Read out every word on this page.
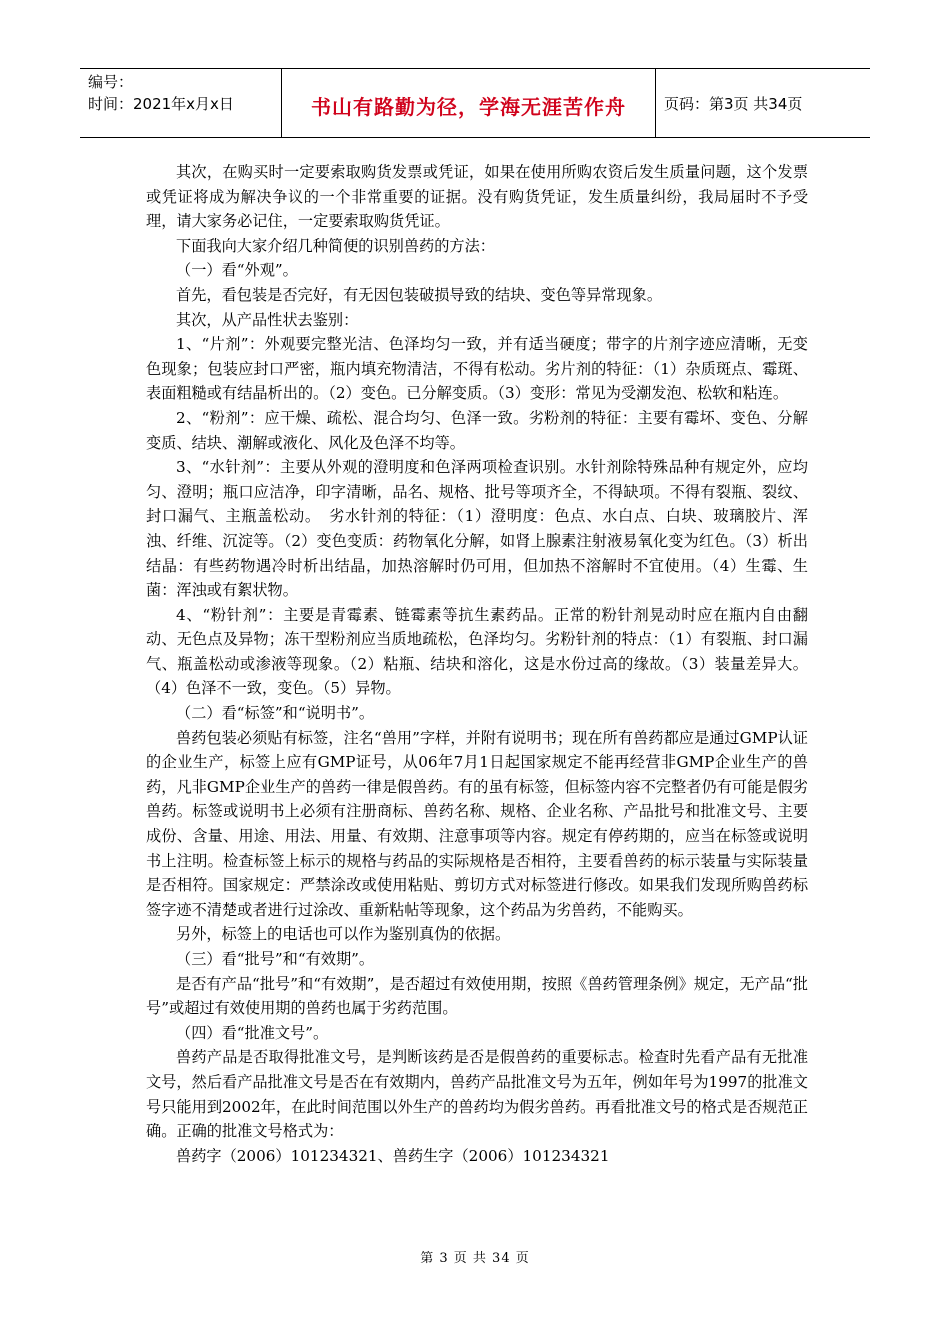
编号：
时间：2021年x月x日	书山有路勤为径，学海无涯苦作舟	页码：第3页 共34页

其次，在购买时一定要索取购货发票或凭证，如果在使用所购农资后发生质量问题，这个发票或凭证将成为解决争议的一个非常重要的证据。没有购货凭证，发生质量纠纷，我局届时不予受理，请大家务必记住，一定要索取购货凭证。

下面我向大家介绍几种简便的识别兽药的方法：

（一）看“外观”。

首先，看包装是否完好，有无因包装破损导致的结块、变色等异常现象。

其次，从产品性状去鉴别：

1、“片剂”：外观要完整光洁、色泽均匀一致，并有适当硬度；带字的片剂字迹应清晰，无变色现象；包装应封口严密，瓶内填充物清洁，不得有松动。劣片剂的特征：（1）杂质斑点、霉斑、表面粗糙或有结晶析出的。（2）变色。已分解变质。（3）变形：常见为受潮发泡、松软和粘连。

2、“粉剂”：应干燥、疏松、混合均匀、色泽一致。劣粉剂的特征：主要有霉坏、变色、分解变质、结块、潮解或液化、风化及色泽不均等。

3、“水针剂”：主要从外观的澄明度和色泽两项检查识别。水针剂除特殊品种有规定外，应均匀、澄明；瓶口应洁净，印字清晰，品名、规格、批号等项齐全，不得缺项。不得有裂瓶、裂纹、封口漏气、主瓶盖松动。　劣水针剂的特征：（1）澄明度：色点、水白点、白块、玻璃胶片、浑浊、纤维、沉淀等。（2）变色变质：药物氧化分解，如肾上腺素注射液易氧化变为红色。（3）析出结晶：有些药物遇冷时析出结晶，加热溶解时仍可用，但加热不溶解时不宜使用。（4）生霉、生菌：浑浊或有絮状物。

4、“粉针剂”：主要是青霉素、链霉素等抗生素药品。正常的粉针剂晃动时应在瓶内自由翻动、无色点及异物；冻干型粉剂应当质地疏松，色泽均匀。劣粉针剂的特点：（1）有裂瓶、封口漏气、瓶盖松动或渗液等现象。（2）粘瓶、结块和溶化，这是水份过高的缘故。（3）装量差异大。（4）色泽不一致，变色。（5）异物。

（二）看“标签”和“说明书”。

兽药包装必须贴有标签，注名“兽用”字样，并附有说明书；现在所有兽药都应是通过GMP认证的企业生产，标签上应有GMP证号，从06年7月1日起国家规定不能再经营非GMP企业生产的兽药，凡非GMP企业生产的兽药一律是假兽药。有的虽有标签，但标签内容不完整者仍有可能是假劣兽药。标签或说明书上必须有注册商标、兽药名称、规格、企业名称、产品批号和批准文号、主要成份、含量、用途、用法、用量、有效期、注意事项等内容。规定有停药期的，应当在标签或说明书上注明。检查标签上标示的规格与药品的实际规格是否相符，主要看兽药的标示装量与实际装量是否相符。国家规定：严禁涂改或使用粘贴、剪切方式对标签进行修改。如果我们发现所购兽药标签字迹不清楚或者进行过涂改、重新粘帖等现象，这个药品为劣兽药，不能购买。

另外，标签上的电话也可以作为鉴别真伪的依据。

（三）看“批号”和“有效期”。

是否有产品“批号”和“有效期”，是否超过有效使用期，按照《兽药管理条例》规定，无产品“批号”或超过有效使用期的兽药也属于劣药范围。

（四）看“批准文号”。

兽药产品是否取得批准文号，是判断该药是否是假兽药的重要标志。检查时先看产品有无批准文号，然后看产品批准文号是否在有效期内，兽药产品批准文号为五年，例如年号为1997的批准文号只能用到2002年，在此时间范围以外生产的兽药均为假劣兽药。再看批准文号的格式是否规范正确。正确的批准文号格式为：

兽药字（2006）101234321、兽药生字（2006）101234321

第 3 页 共 34 页
